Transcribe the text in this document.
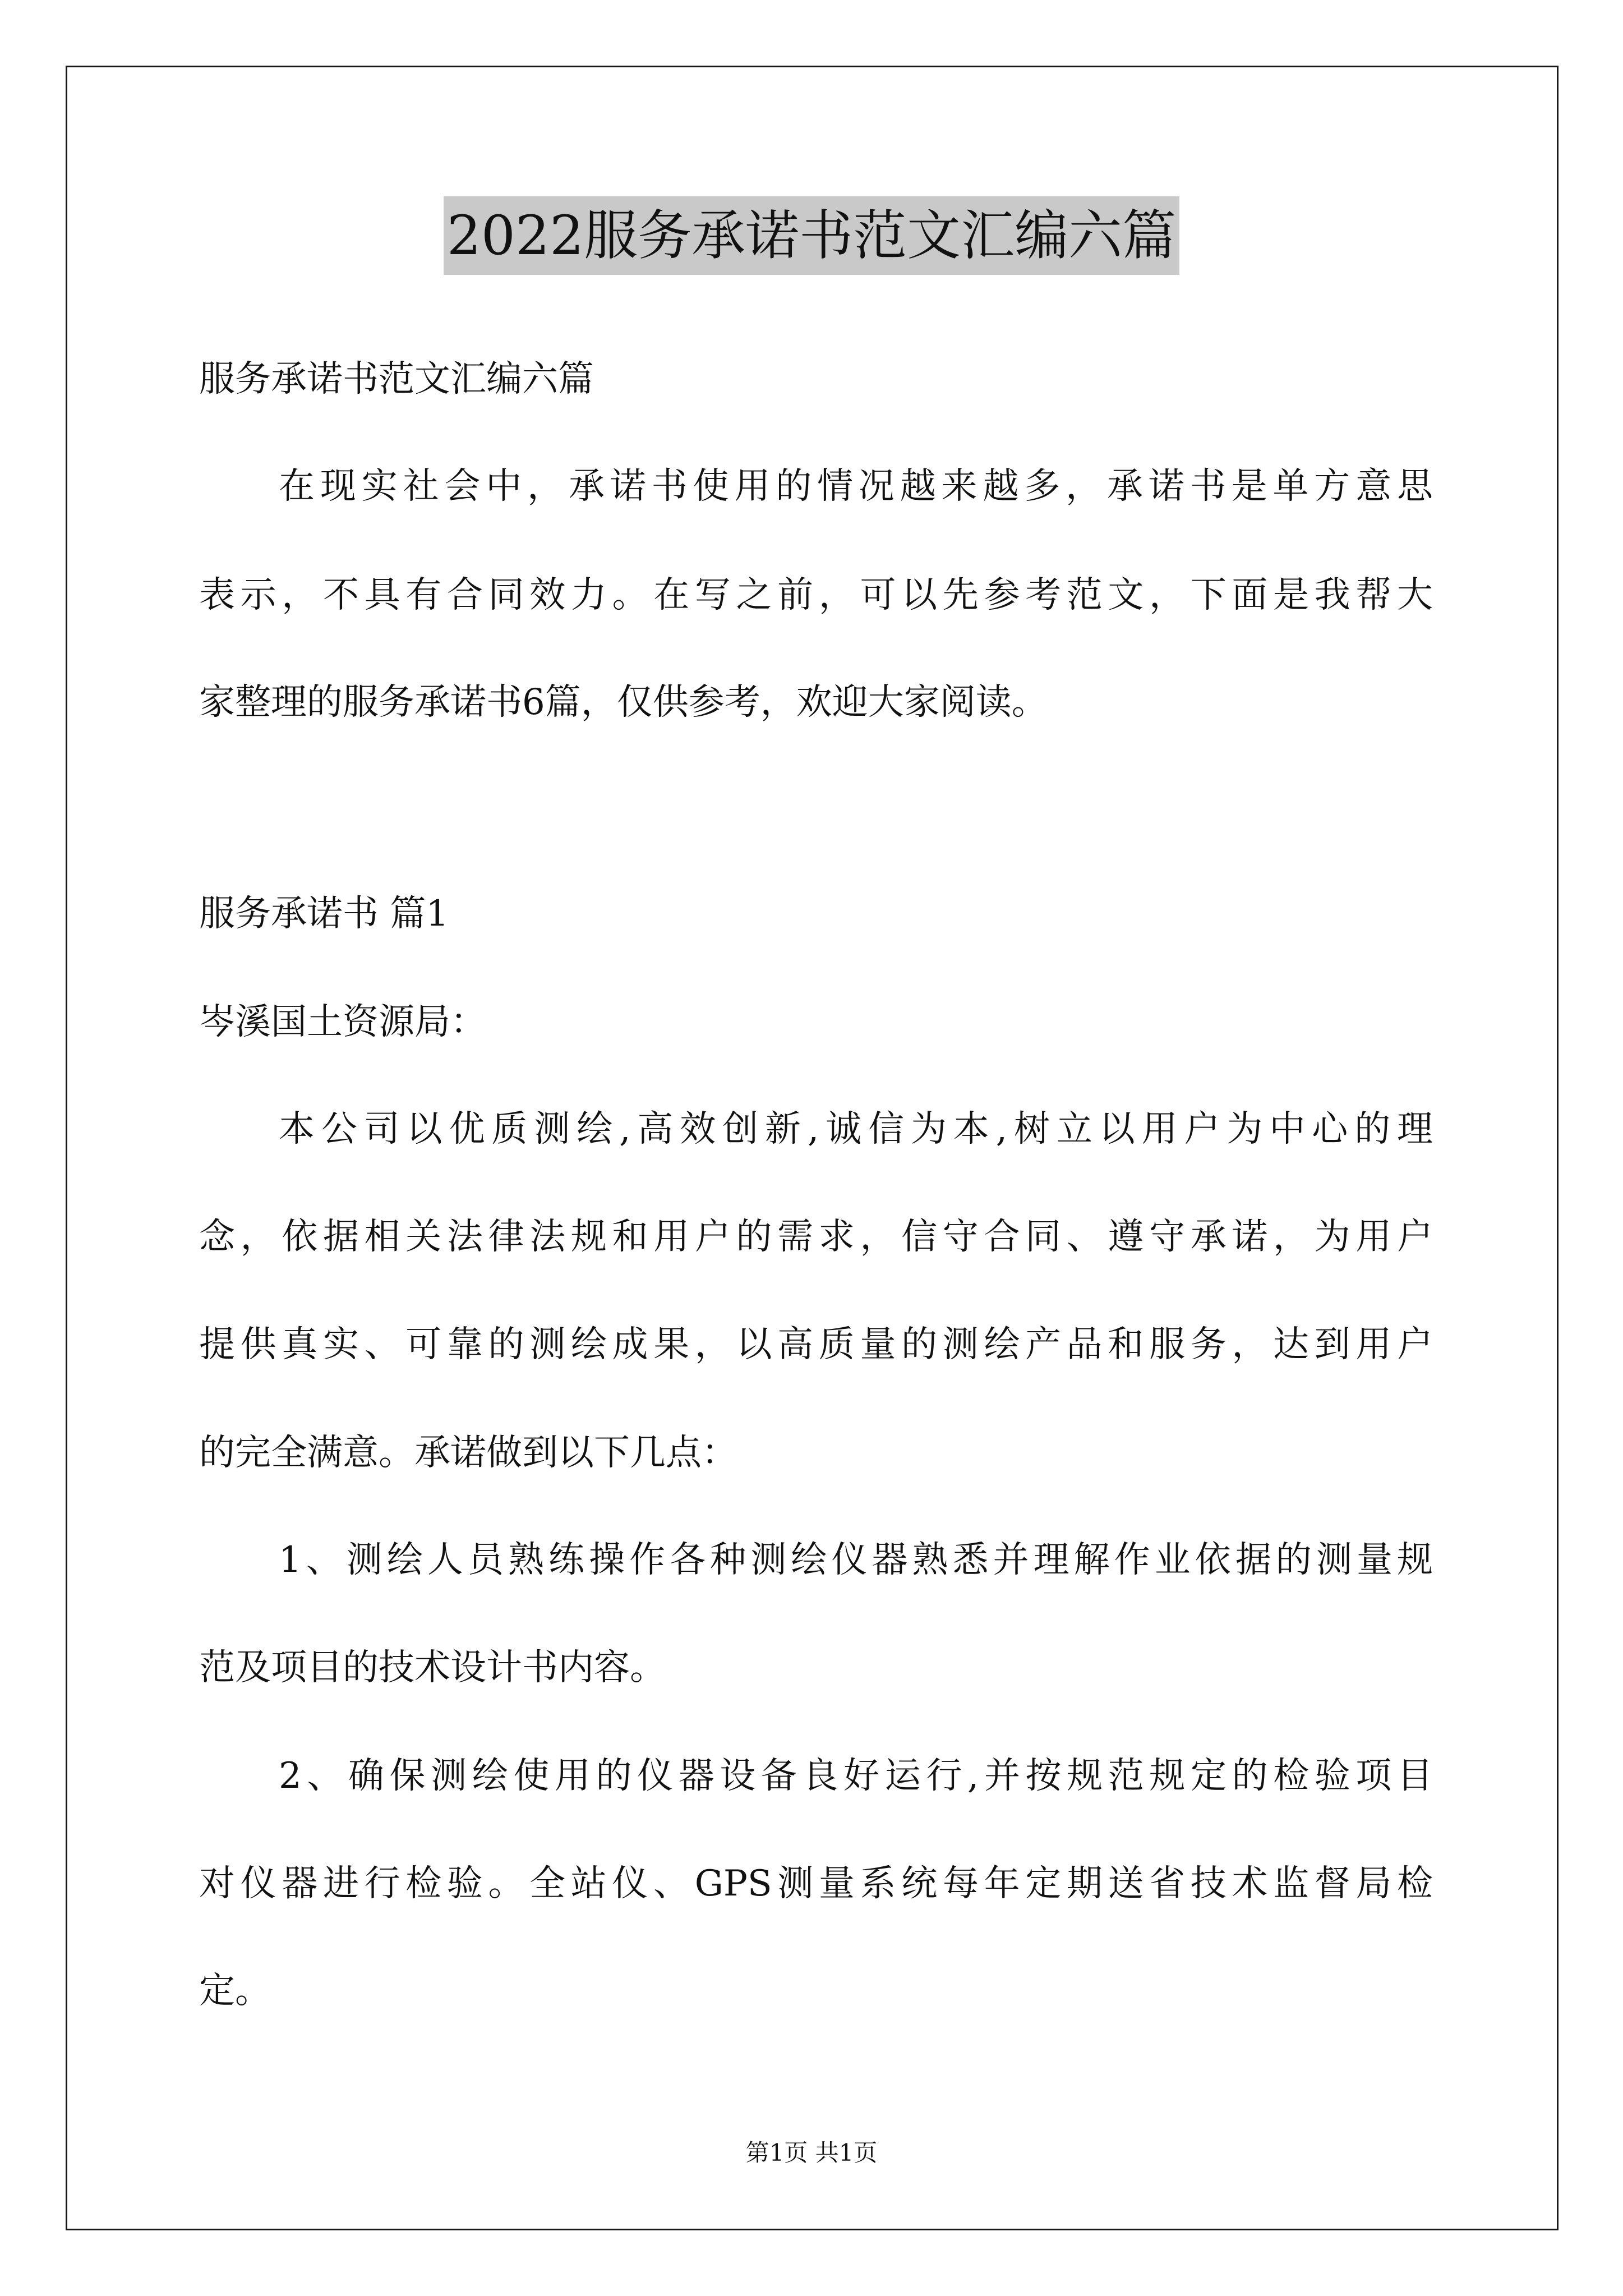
2022服务承诺书范文汇编六篇
服务承诺书范文汇编六篇
在现实社会中，承诺书使用的情况越来越多，承诺书是单方意思
表示，不具有合同效力。在写之前，可以先参考范文，下面是我帮大
家整理的服务承诺书6篇，仅供参考，欢迎大家阅读。
服务承诺书 篇1
岑溪国土资源局：
本公司以优质测绘,高效创新,诚信为本,树立以用户为中心的理
念，依据相关法律法规和用户的需求，信守合同、遵守承诺，为用户
提供真实、可靠的测绘成果，以高质量的测绘产品和服务，达到用户
的完全满意。承诺做到以下几点：
1、测绘人员熟练操作各种测绘仪器熟悉并理解作业依据的测量规
范及项目的技术设计书内容。
2、确保测绘使用的仪器设备良好运行,并按规范规定的检验项目
对仪器进行检验。全站仪、GPS测量系统每年定期送省技术监督局检
定。
第1页 共1页
